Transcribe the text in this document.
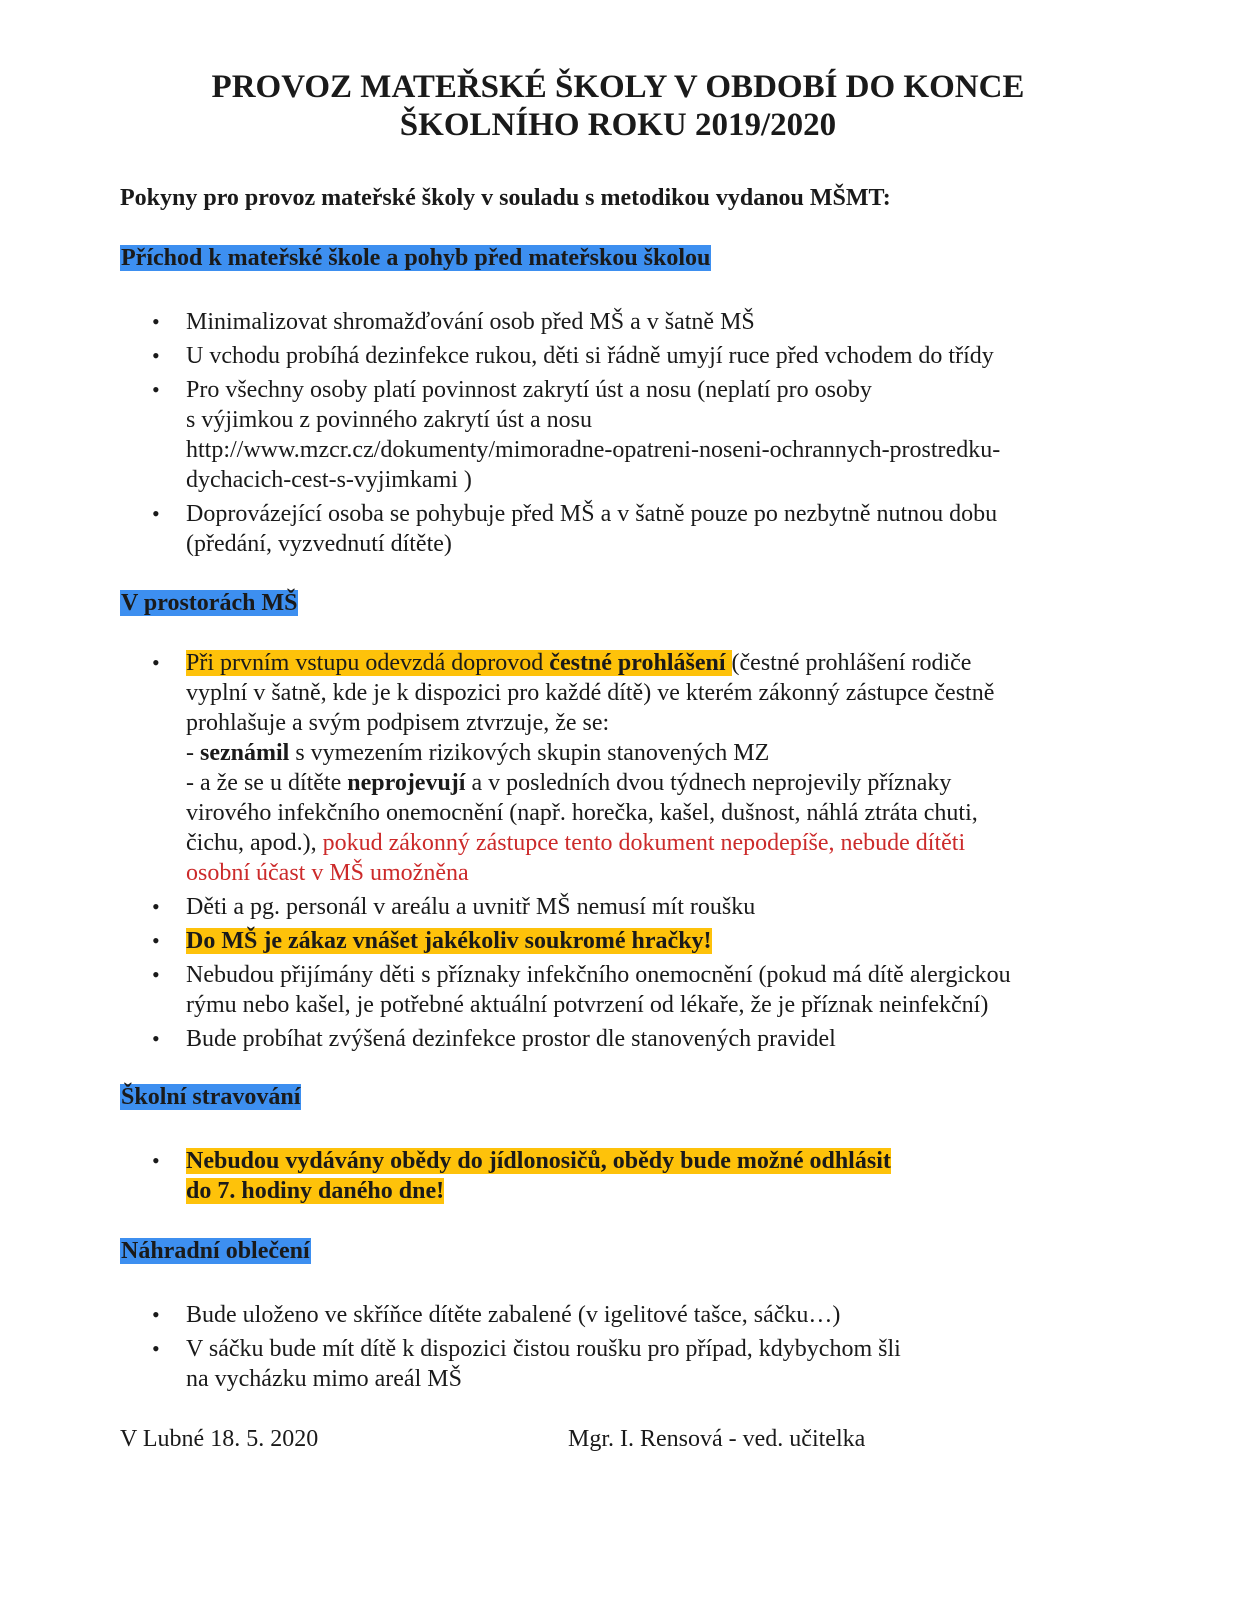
PROVOZ MATEŘSKÉ ŠKOLY V OBDOBÍ DO KONCE
ŠKOLNÍHO ROKU 2019/2020
Pokyny pro provoz mateřské školy v souladu s metodikou vydanou MŠMT:
Příchod k mateřské škole a pohyb před mateřskou školou
• Minimalizovat shromažďování osob před MŠ a v šatně MŠ
• U vchodu probíhá dezinfekce rukou, děti si řádně umyjí ruce před vchodem do třídy
• Pro všechny osoby platí povinnost zakrytí úst a nosu (neplatí pro osoby
s výjimkou z povinného zakrytí úst a nosu
http://www.mzcr.cz/dokumenty/mimoradne-opatreni-noseni-ochrannych-prostredku-
dychacich-cest-s-vyjimkami )
• Doprovázející osoba se pohybuje před MŠ a v šatně pouze po nezbytně nutnou dobu
(předání, vyzvednutí dítěte)
V prostorách MŠ
• Při prvním vstupu odevzdá doprovod čestné prohlášení (čestné prohlášení rodiče
vyplní v šatně, kde je k dispozici pro každé dítě) ve kterém zákonný zástupce čestně
prohlašuje a svým podpisem ztvrzuje, že se:
- seznámil s vymezením rizikových skupin stanovených MZ
- a že se u dítěte neprojevují a v posledních dvou týdnech neprojevily příznaky
virového infekčního onemocnění (např. horečka, kašel, dušnost, náhlá ztráta chuti,
čichu, apod.), pokud zákonný zástupce tento dokument nepodepíše, nebude dítěti
osobní účast v MŠ umožněna
• Děti a pg. personál v areálu a uvnitř MŠ nemusí mít roušku
• Do MŠ je zákaz vnášet jakékoliv soukromé hračky!
• Nebudou přijímány děti s příznaky infekčního onemocnění (pokud má dítě alergickou
rýmu nebo kašel, je potřebné aktuální potvrzení od lékaře, že je příznak neinfekční)
• Bude probíhat zvýšená dezinfekce prostor dle stanovených pravidel
Školní stravování
• Nebudou vydávány obědy do jídlonosičů, obědy bude možné odhlásit
do 7. hodiny daného dne!
Náhradní oblečení
• Bude uloženo ve skříňce dítěte zabalené (v igelitové tašce, sáčku…)
• V sáčku bude mít dítě k dispozici čistou roušku pro případ, kdybychom šli
na vycházku mimo areál MŠ
V Lubné 18. 5. 2020	Mgr. I. Rensová - ved. učitelka
